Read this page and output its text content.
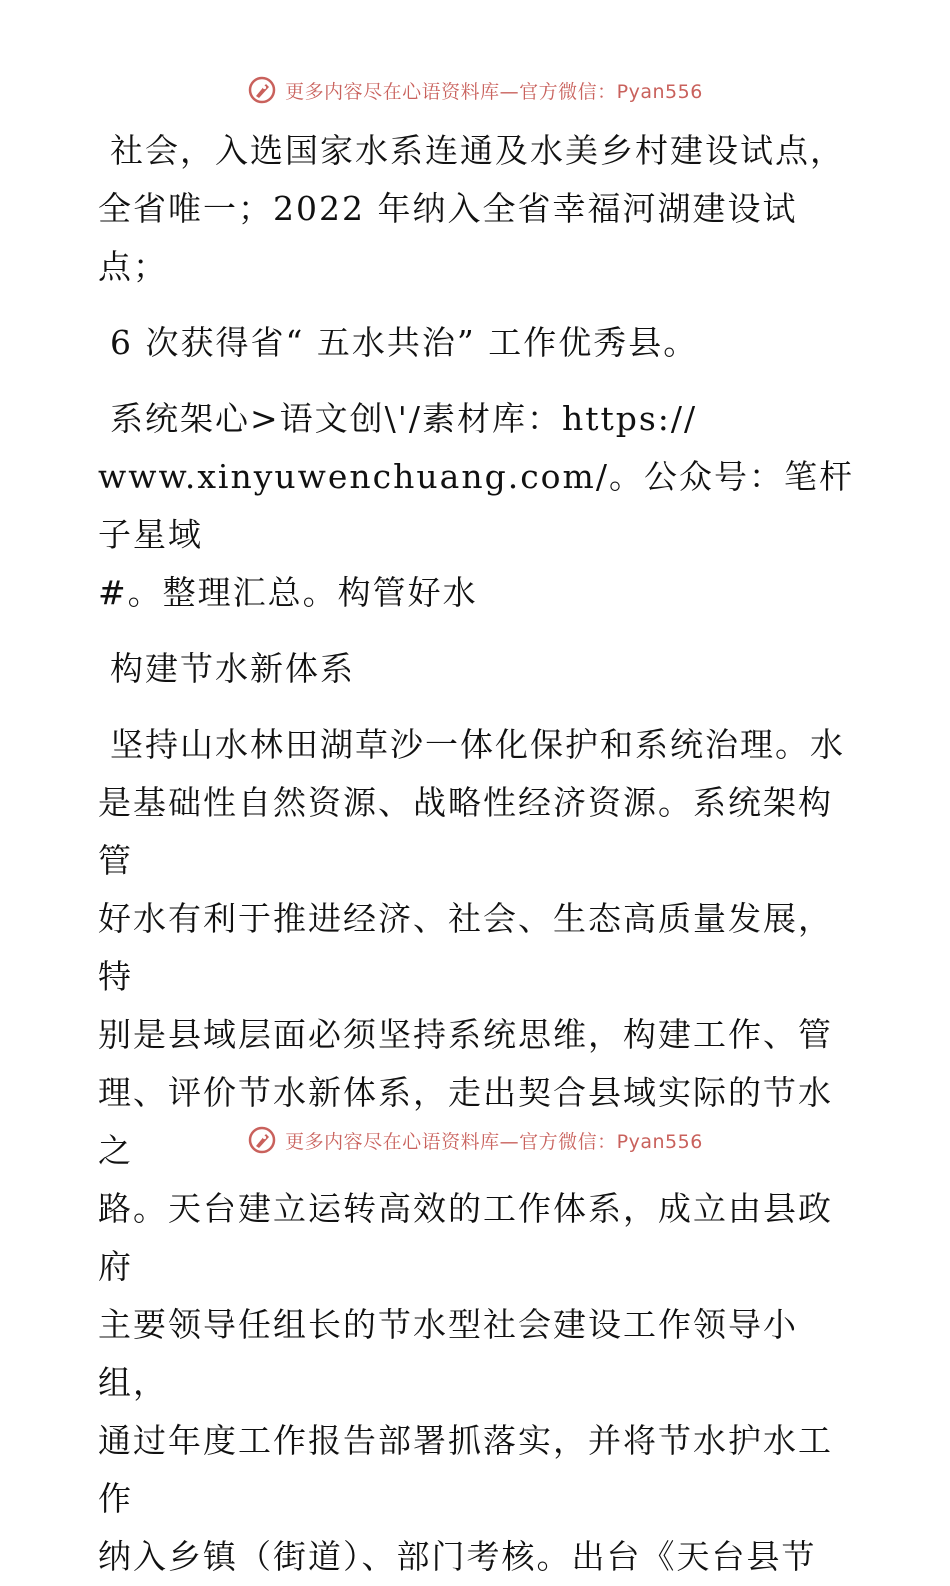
更多内容尽在心语资料库—官方微信：Pyan556

社会，入选国家水系连通及水美乡村建设试点，

全省唯一；2022 年纳入全省幸福河湖建设试点；

6 次获得省“ 五水共治” 工作优秀县。

系统架心>语文创\'/素材库：https://

www.xinyuwenchuang.com/。公众号：笔杆子星域

#。整理汇总。构管好水

构建节水新体系

坚持山水林田湖草沙一体化保护和系统治理。水

是基础性自然资源、战略性经济资源。系统架构管

好水有利于推进经济、社会、生态高质量发展，特

别是县域层面必须坚持系统思维，构建工作、管

理、评价节水新体系，走出契合县域实际的节水之

路。天台建立运转高效的工作体系，成立由县政府

主要领导任组长的节水型社会建设工作领导小组，

通过年度工作报告部署抓落实，并将节水护水工作

纳入乡镇（街道）、部门考核。出台《天台县节

更多内容尽在心语资料库—官方微信：Pyan556
